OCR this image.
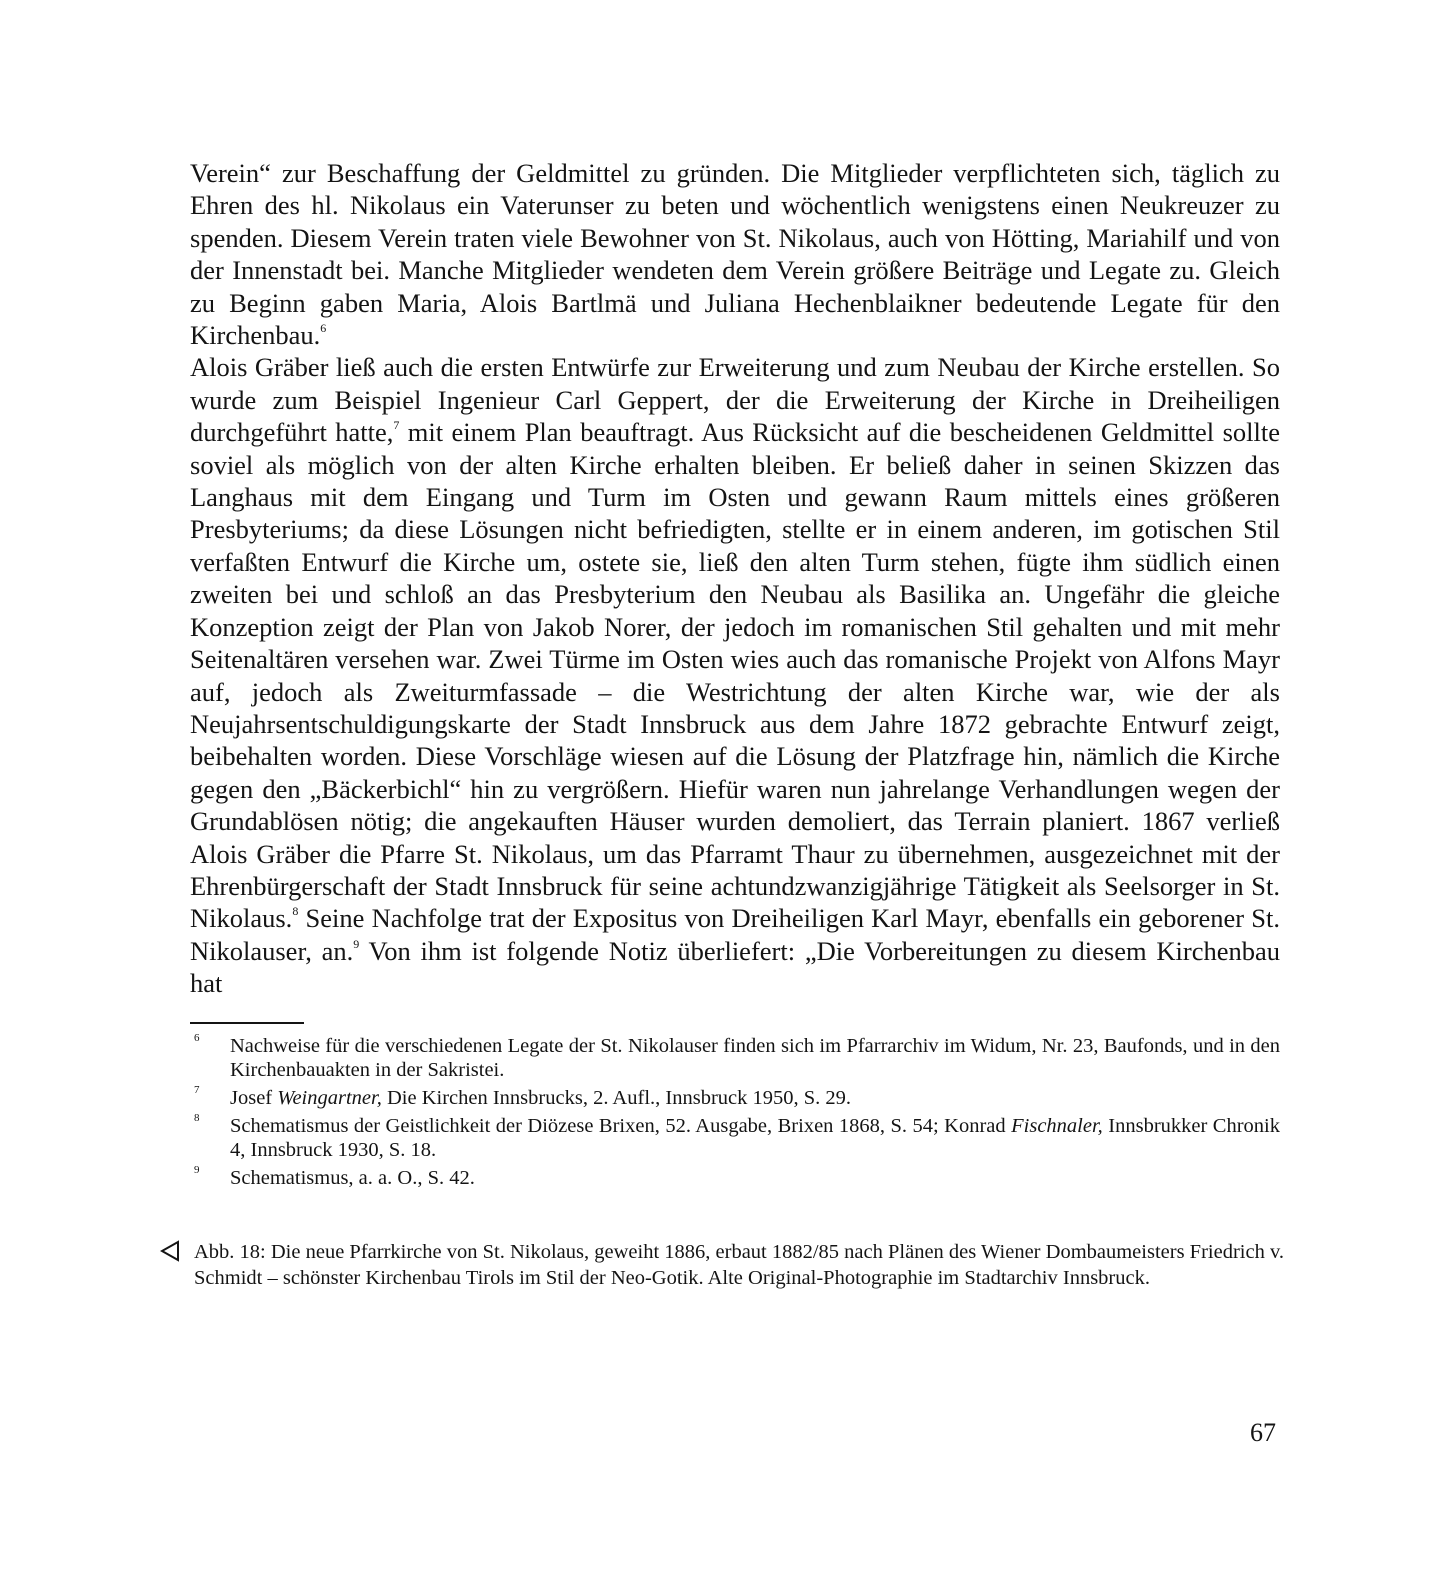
Verein“ zur Beschaffung der Geldmittel zu gründen. Die Mitglieder verpflichteten sich, täglich zu Ehren des hl. Nikolaus ein Vaterunser zu beten und wöchentlich wenigstens einen Neukreuzer zu spenden. Diesem Verein traten viele Bewohner von St. Nikolaus, auch von Hötting, Mariahilf und von der Innenstadt bei. Manche Mitglieder wendeten dem Verein größere Beiträge und Legate zu. Gleich zu Beginn gaben Maria, Alois Bartlmä und Juliana Hechenblaikner bedeutende Legate für den Kirchenbau.$^6$

Alois Gräber ließ auch die ersten Entwürfe zur Erweiterung und zum Neubau der Kirche erstellen. So wurde zum Beispiel Ingenieur Carl Geppert, der die Erweiterung der Kirche in Dreiheiligen durchgeführt hatte,$^7$ mit einem Plan beauftragt. Aus Rücksicht auf die bescheidenen Geldmittel sollte soviel als möglich von der alten Kirche erhalten bleiben. Er beließ daher in seinen Skizzen das Langhaus mit dem Eingang und Turm im Osten und gewann Raum mittels eines größeren Presbyteriums; da diese Lösungen nicht befriedigten, stellte er in einem anderen, im gotischen Stil verfaßten Entwurf die Kirche um, ostete sie, ließ den alten Turm stehen, fügte ihm südlich einen zweiten bei und schloß an das Presbyterium den Neubau als Basilika an. Ungefähr die gleiche Konzeption zeigt der Plan von Jakob Norer, der jedoch im romanischen Stil gehalten und mit mehr Seitenaltären versehen war. Zwei Türme im Osten wies auch das romanische Projekt von Alfons Mayr auf, jedoch als Zweiturmfassade – die Westrichtung der alten Kirche war, wie der als Neujahrsentschuldigungskarte der Stadt Innsbruck aus dem Jahre 1872 gebrachte Entwurf zeigt, beibehalten worden. Diese Vorschläge wiesen auf die Lösung der Platzfrage hin, nämlich die Kirche gegen den „Bäckerbichl“ hin zu vergrößern. Hiefür waren nun jahrelange Verhandlungen wegen der Grundablösen nötig; die angekauften Häuser wurden demoliert, das Terrain planiert. 1867 verließ Alois Gräber die Pfarre St. Nikolaus, um das Pfarramt Thaur zu übernehmen, ausgezeichnet mit der Ehrenbürgerschaft der Stadt Innsbruck für seine achtundzwanzigjährige Tätigkeit als Seelsorger in St. Nikolaus.$^8$ Seine Nachfolge trat der Expositus von Dreiheiligen Karl Mayr, ebenfalls ein geborener St. Nikolauser, an.$^9$ Von ihm ist folgende Notiz überliefert: „Die Vorbereitungen zu diesem Kirchenbau hat

6 Nachweise für die verschiedenen Legate der St. Nikolauser finden sich im Pfarrarchiv im Widum, Nr. 23, Baufonds, und in den Kirchenbauakten in der Sakristei.
7 Josef Weingartner, Die Kirchen Innsbrucks, 2. Aufl., Innsbruck 1950, S. 29.
8 Schematismus der Geistlichkeit der Diözese Brixen, 52. Ausgabe, Brixen 1868, S. 54; Konrad Fischnaler, Innsbrukker Chronik 4, Innsbruck 1930, S. 18.
9 Schematismus, a. a. O., S. 42.
Abb. 18: Die neue Pfarrkirche von St. Nikolaus, geweiht 1886, erbaut 1882/85 nach Plänen des Wiener Dombaumeisters Friedrich v. Schmidt – schönster Kirchenbau Tirols im Stil der Neo-Gotik. Alte Original-Photographie im Stadtarchiv Innsbruck.
67
